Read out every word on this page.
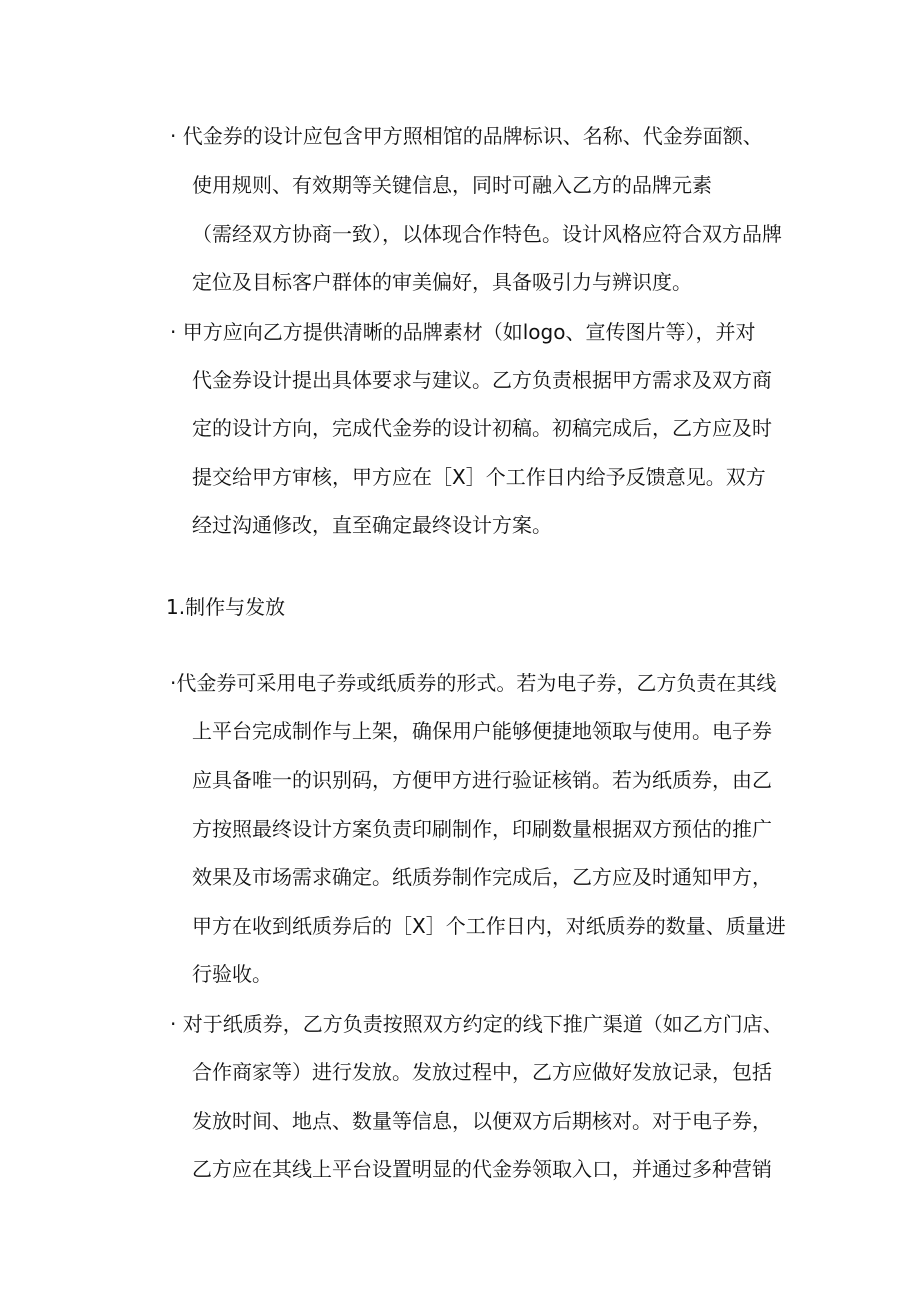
· 代金券的设计应包含甲方照相馆的品牌标识、名称、代金券面额、
使用规则、有效期等关键信息，同时可融入乙方的品牌元素
（需经双方协商一致），以体现合作特色。设计风格应符合双方品牌
定位及目标客户群体的审美偏好，具备吸引力与辨识度。
· 甲方应向乙方提供清晰的品牌素材（如logo、宣传图片等），并对
代金券设计提出具体要求与建议。乙方负责根据甲方需求及双方商
定的设计方向，完成代金券的设计初稿。初稿完成后，乙方应及时
提交给甲方审核，甲方应在［X］个工作日内给予反馈意见。双方
经过沟通修改，直至确定最终设计方案。
1.制作与发放
·代金券可采用电子券或纸质券的形式。若为电子券，乙方负责在其线
上平台完成制作与上架，确保用户能够便捷地领取与使用。电子券
应具备唯一的识别码，方便甲方进行验证核销。若为纸质券，由乙
方按照最终设计方案负责印刷制作，印刷数量根据双方预估的推广
效果及市场需求确定。纸质券制作完成后，乙方应及时通知甲方，
甲方在收到纸质券后的［X］个工作日内，对纸质券的数量、质量进
行验收。
· 对于纸质券，乙方负责按照双方约定的线下推广渠道（如乙方门店、
合作商家等）进行发放。发放过程中，乙方应做好发放记录，包括
发放时间、地点、数量等信息，以便双方后期核对。对于电子券，
乙方应在其线上平台设置明显的代金券领取入口，并通过多种营销
